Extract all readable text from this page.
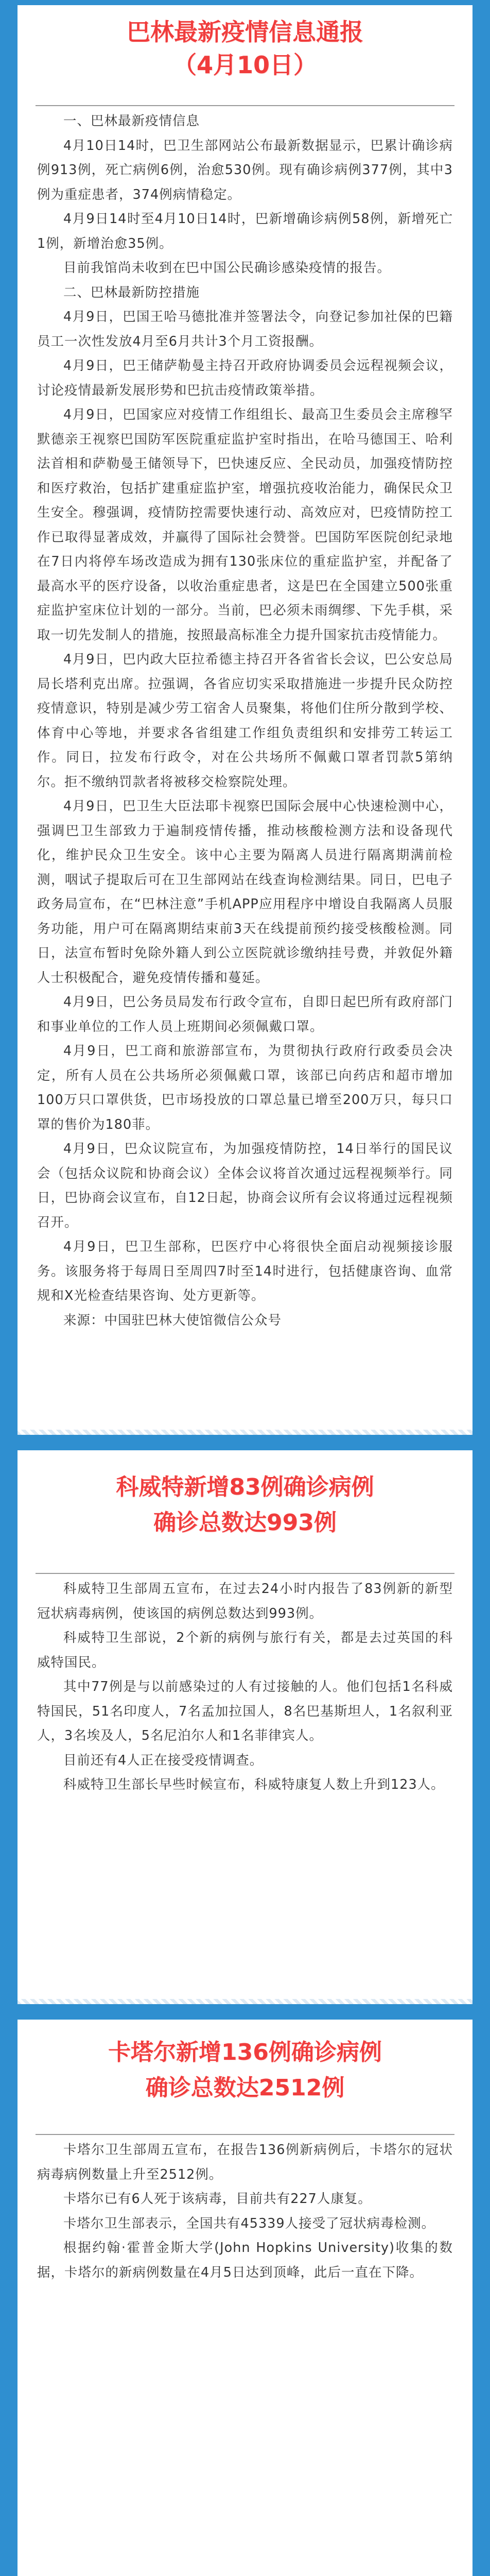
巴林最新疫情信息通报
（4月10日）

一、巴林最新疫情信息

4月10日14时，巴卫生部网站公布最新数据显示，巴累计确诊病例913例，死亡病例6例，治愈530例。现有确诊病例377例，其中3例为重症患者，374例病情稳定。

4月9日14时至4月10日14时，巴新增确诊病例58例，新增死亡1例，新增治愈35例。

目前我馆尚未收到在巴中国公民确诊感染疫情的报告。

二、巴林最新防控措施

4月9日，巴国王哈马德批准并签署法令，向登记参加社保的巴籍员工一次性发放4月至6月共计3个月工资报酬。

4月9日，巴王储萨勒曼主持召开政府协调委员会远程视频会议，讨论疫情最新发展形势和巴抗击疫情政策举措。

4月9日，巴国家应对疫情工作组组长、最高卫生委员会主席穆罕默德亲王视察巴国防军医院重症监护室时指出，在哈马德国王、哈利法首相和萨勒曼王储领导下，巴快速反应、全民动员，加强疫情防控和医疗救治，包括扩建重症监护室，增强抗疫收治能力，确保民众卫生安全。穆强调，疫情防控需要快速行动、高效应对，巴疫情防控工作已取得显著成效，并赢得了国际社会赞誉。巴国防军医院创纪录地在7日内将停车场改造成为拥有130张床位的重症监护室，并配备了最高水平的医疗设备，以收治重症患者，这是巴在全国建立500张重症监护室床位计划的一部分。当前，巴必须未雨绸缪、下先手棋，采取一切先发制人的措施，按照最高标准全力提升国家抗击疫情能力。

4月9日，巴内政大臣拉希德主持召开各省省长会议，巴公安总局局长塔利克出席。拉强调，各省应切实采取措施进一步提升民众防控疫情意识，特别是减少劳工宿舍人员聚集，将他们住所分散到学校、体育中心等地，并要求各省组建工作组负责组织和安排劳工转运工作。同日，拉发布行政令，对在公共场所不佩戴口罩者罚款5第纳尔。拒不缴纳罚款者将被移交检察院处理。

4月9日，巴卫生大臣法耶卡视察巴国际会展中心快速检测中心，强调巴卫生部致力于遍制疫情传播，推动核酸检测方法和设备现代化，维护民众卫生安全。该中心主要为隔离人员进行隔离期满前检测，咽试子提取后可在卫生部网站在线查询检测结果。同日，巴电子政务局宣布，在“巴林注意”手机APP应用程序中增设自我隔离人员服务功能，用户可在隔离期结束前3天在线提前预约接受核酸检测。同日，法宣布暂时免除外籍人到公立医院就诊缴纳挂号费，并敦促外籍人士积极配合，避免疫情传播和蔓延。

4月9日，巴公务员局发布行政令宣布，自即日起巴所有政府部门和事业单位的工作人员上班期间必须佩戴口罩。

4月9日，巴工商和旅游部宣布，为贯彻执行政府行政委员会决定，所有人员在公共场所必须佩戴口罩，该部已向药店和超市增加100万只口罩供货，巴市场投放的口罩总量已增至200万只，每只口罩的售价为180菲。

4月9日，巴众议院宣布，为加强疫情防控，14日举行的国民议会（包括众议院和协商会议）全体会议将首次通过远程视频举行。同日，巴协商会议宣布，自12日起，协商会议所有会议将通过远程视频召开。

4月9日，巴卫生部称，巴医疗中心将很快全面启动视频接诊服务。该服务将于每周日至周四7时至14时进行，包括健康咨询、血常规和X光检查结果咨询、处方更新等。

来源：中国驻巴林大使馆微信公众号

科威特新增83例确诊病例
确诊总数达993例

科威特卫生部周五宣布，在过去24小时内报告了83例新的新型冠状病毒病例，使该国的病例总数达到993例。

科威特卫生部说，2个新的病例与旅行有关，都是去过英国的科威特国民。

其中77例是与以前感染过的人有过接触的人。他们包括1名科威特国民，51名印度人，7名孟加拉国人，8名巴基斯坦人，1名叙利亚人，3名埃及人，5名尼泊尔人和1名菲律宾人。

目前还有4人正在接受疫情调查。

科威特卫生部长早些时候宣布，科威特康复人数上升到123人。

卡塔尔新增136例确诊病例
确诊总数达2512例

卡塔尔卫生部周五宣布，在报告136例新病例后，卡塔尔的冠状病毒病例数量上升至2512例。

卡塔尔已有6人死于该病毒，目前共有227人康复。

卡塔尔卫生部表示，全国共有45339人接受了冠状病毒检测。

根据约翰·霍普金斯大学(John Hopkins University)收集的数据，卡塔尔的新病例数量在4月5日达到顶峰，此后一直在下降。
